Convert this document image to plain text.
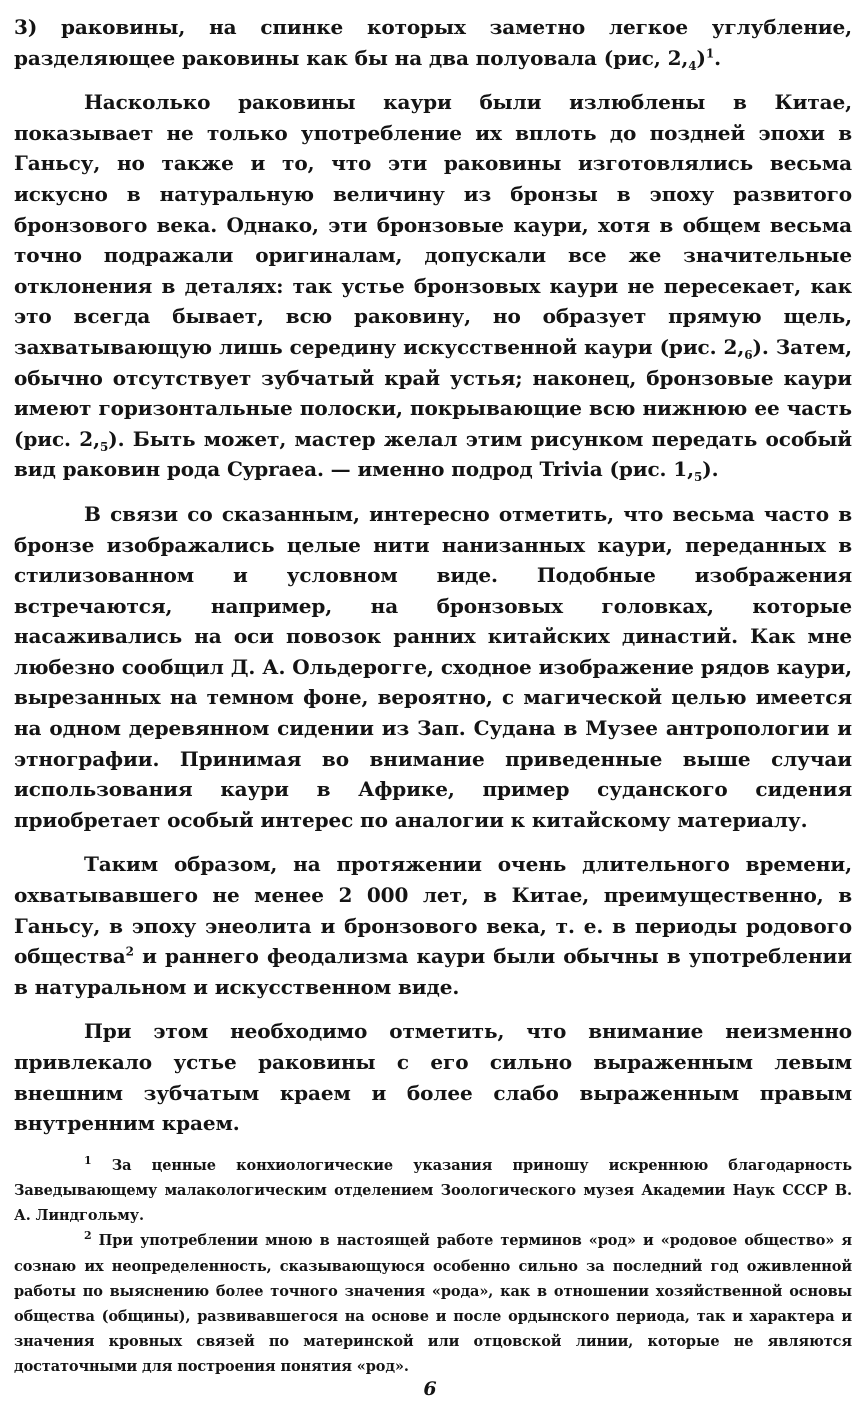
3) раковины, на спинке которых заметно легкое углубление, разделяющее раковины как бы на два полуовала (рис, $2,_4)^1$.

Насколько раковины каури были излюблены в Китае, показывает не только употребление их вплоть до поздней эпохи в Ганьсу, но также и то, что эти раковины изготовлялись весьма искусно в натуральную величину из бронзы в эпоху развитого бронзового века. Однако, эти бронзовые каури, хотя в общем весьма точно подражали оригиналам, допускали все же значительные отклонения в деталях: так устье бронзовых каури не пересекает, как это всегда бывает, всю раковину, но образует прямую щель, захватывающую лишь середину искусственной каури (рис. $2,_6$). Затем, обычно отсутствует зубчатый край устья; наконец, бронзовые каури имеют горизонтальные полоски, покрывающие всю нижнюю ее часть (рис. $2,_5$). Быть может, мастер желал этим рисунком передать особый вид раковин рода Cypraea. — именно подрод Trivia (рис. $1,_5$).

В связи со сказанным, интересно отметить, что весьма часто в бронзе изображались целые нити нанизанных каури, переданных в стилизованном и условном виде. Подобные изображения встречаются, например, на бронзовых головках, которые насаживались на оси повозок ранних китайских династий. Как мне любезно сообщил Д. А. Ольдерогге, сходное изображение рядов каури, вырезанных на темном фоне, вероятно, с магической целью имеется на одном деревянном сидении из Зап. Судана в Музее антропологии и этнографии. Принимая во внимание приведенные выше случаи использования каури в Африке, пример суданского сидения приобретает особый интерес по аналогии к китайскому материалу.

Таким образом, на протяжении очень длительного времени, охватывавшего не менее 2 000 лет, в Китае, преимущественно, в Ганьсу, в эпоху энеолита и бронзового века, т. е. в периоды родового общества$^2$ и раннего феодализма каури были обычны в употреблении в натуральном и искусственном виде.

При этом необходимо отметить, что внимание неизменно привлекало устье раковины с его сильно выраженным левым внешним зубчатым краем и более слабо выраженным правым внутренним краем.

$^1$ За ценные конхиологические указания приношу искреннюю благодарность Заведывающему малакологическим отделением Зоологического музея Академии Наук СССР В. А. Линдгольму.

$^2$ При употреблении мною в настоящей работе терминов «род» и «родовое общество» я сознаю их неопределенность, сказывающуюся особенно сильно за последний год оживленной работы по выяснению более точного значения «рода», как в отношении хозяйственной основы общества (общины), развивавшегося на основе и после ордынского периода, так и характера и значения кровных связей по материнской или отцовской линии, которые не являются достаточными для построения понятия «род».

6
